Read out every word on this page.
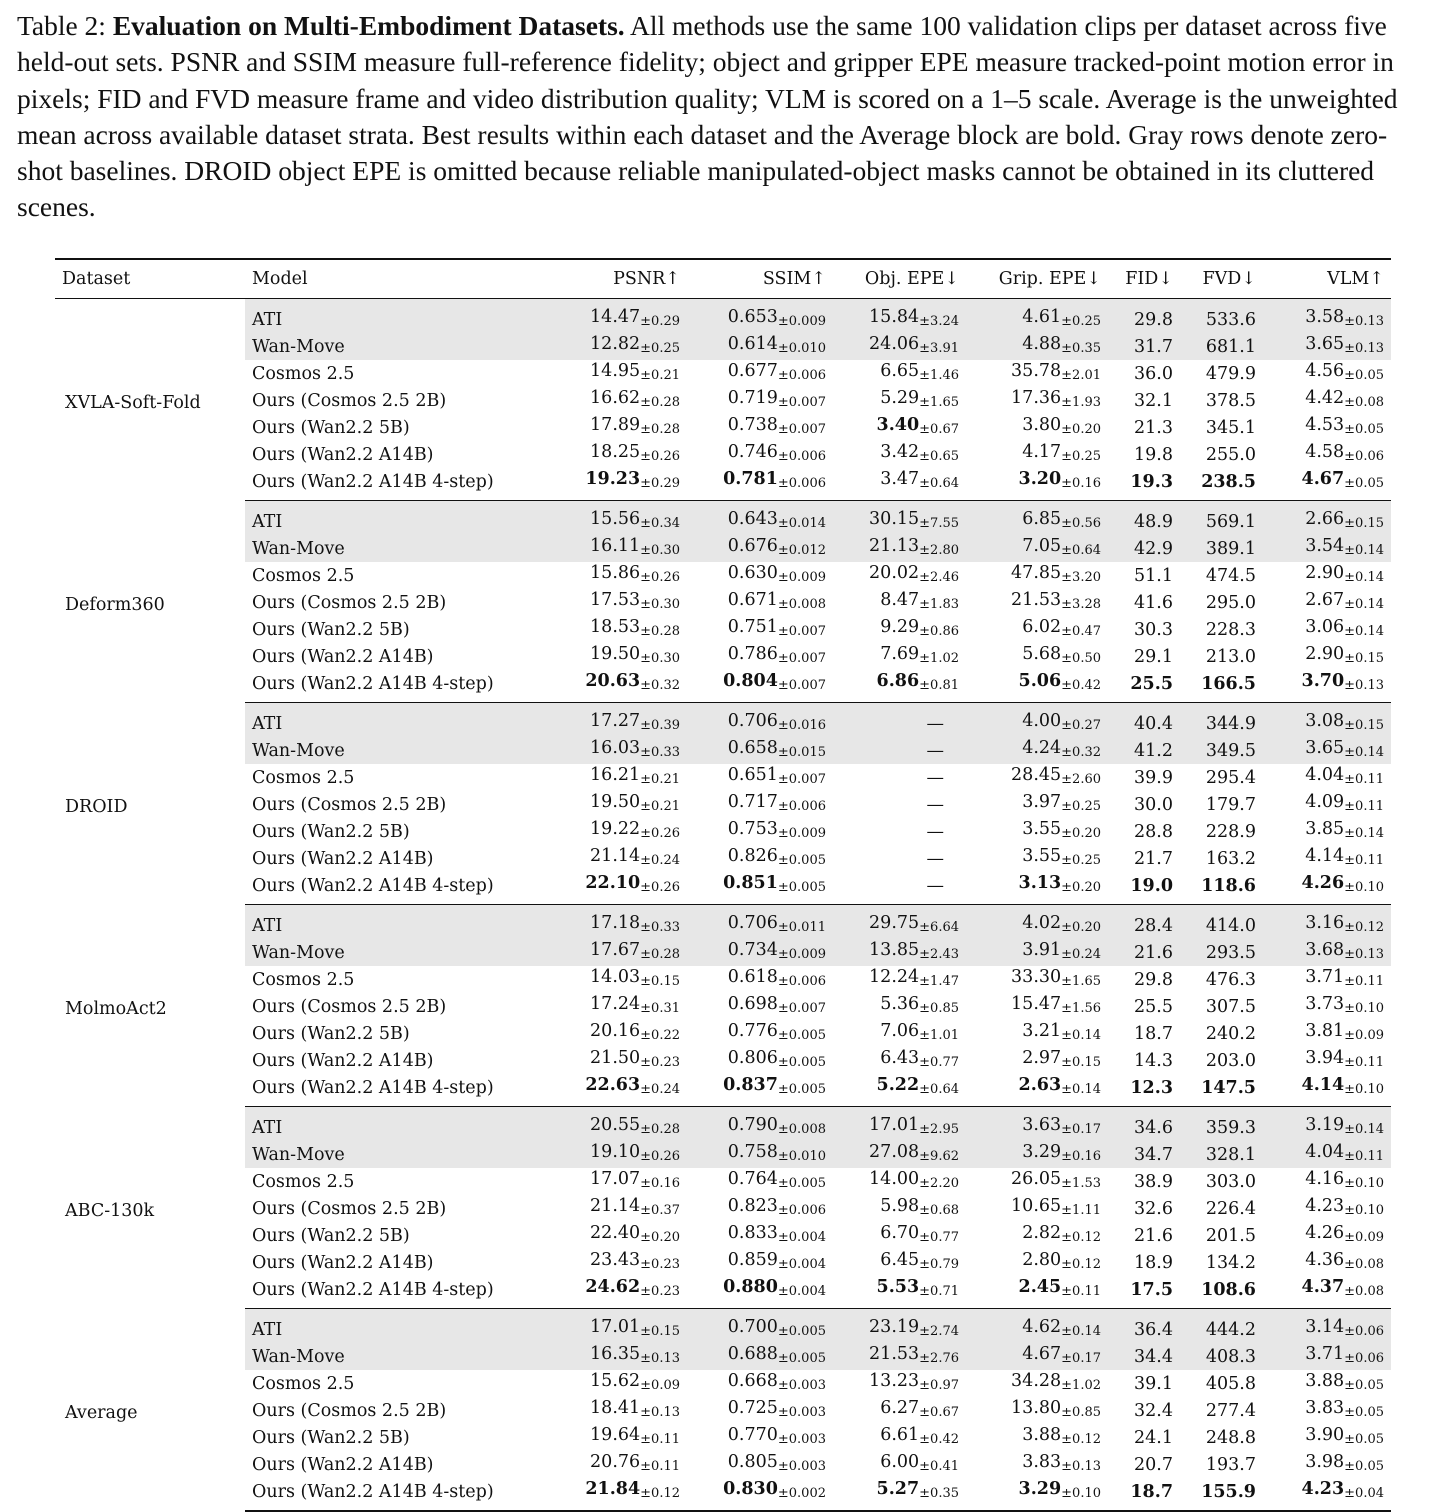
Table 2: Evaluation on Multi-Embodiment Datasets. All methods use the same 100 validation clips per dataset across five held-out sets. PSNR and SSIM measure full-reference fidelity; object and gripper EPE measure tracked-point motion error in pixels; FID and FVD measure frame and video distribution quality; VLM is scored on a 1–5 scale. Average is the unweighted mean across available dataset strata. Best results within each dataset and the Average block are bold. Gray rows denote zero-shot baselines. DROID object EPE is omitted because reliable manipulated-object masks cannot be obtained in its cluttered scenes.

Dataset	Model	PSNR↑	SSIM↑	Obj. EPE↓	Grip. EPE↓	FID↓	FVD↓	VLM↑
XVLA-Soft-Fold	ATI	$14.47_{\pm 0.29}$	$0.653_{\pm 0.009}$	$15.84_{\pm 3.24}$	$4.61_{\pm 0.25}$	29.8	533.6	$3.58_{\pm 0.13}$
	Wan-Move	$12.82_{\pm 0.25}$	$0.614_{\pm 0.010}$	$24.06_{\pm 3.91}$	$4.88_{\pm 0.35}$	31.7	681.1	$3.65_{\pm 0.13}$
	Cosmos 2.5	$14.95_{\pm 0.21}$	$0.677_{\pm 0.006}$	$6.65_{\pm 1.46}$	$35.78_{\pm 2.01}$	36.0	479.9	$4.56_{\pm 0.05}$
	Ours (Cosmos 2.5 2B)	$16.62_{\pm 0.28}$	$0.719_{\pm 0.007}$	$5.29_{\pm 1.65}$	$17.36_{\pm 1.93}$	32.1	378.5	$4.42_{\pm 0.08}$
	Ours (Wan2.2 5B)	$17.89_{\pm 0.28}$	$0.738_{\pm 0.007}$	$3.40_{\pm 0.67}$	$3.80_{\pm 0.20}$	21.3	345.1	$4.53_{\pm 0.05}$
	Ours (Wan2.2 A14B)	$18.25_{\pm 0.26}$	$0.746_{\pm 0.006}$	$3.42_{\pm 0.65}$	$4.17_{\pm 0.25}$	19.8	255.0	$4.58_{\pm 0.06}$
	Ours (Wan2.2 A14B 4-step)	$19.23_{\pm 0.29}$	$0.781_{\pm 0.006}$	$3.47_{\pm 0.64}$	$3.20_{\pm 0.16}$	19.3	238.5	$4.67_{\pm 0.05}$
Deform360	ATI	$15.56_{\pm 0.34}$	$0.643_{\pm 0.014}$	$30.15_{\pm 7.55}$	$6.85_{\pm 0.56}$	48.9	569.1	$2.66_{\pm 0.15}$
	Wan-Move	$16.11_{\pm 0.30}$	$0.676_{\pm 0.012}$	$21.13_{\pm 2.80}$	$7.05_{\pm 0.64}$	42.9	389.1	$3.54_{\pm 0.14}$
	Cosmos 2.5	$15.86_{\pm 0.26}$	$0.630_{\pm 0.009}$	$20.02_{\pm 2.46}$	$47.85_{\pm 3.20}$	51.1	474.5	$2.90_{\pm 0.14}$
	Ours (Cosmos 2.5 2B)	$17.53_{\pm 0.30}$	$0.671_{\pm 0.008}$	$8.47_{\pm 1.83}$	$21.53_{\pm 3.28}$	41.6	295.0	$2.67_{\pm 0.14}$
	Ours (Wan2.2 5B)	$18.53_{\pm 0.28}$	$0.751_{\pm 0.007}$	$9.29_{\pm 0.86}$	$6.02_{\pm 0.47}$	30.3	228.3	$3.06_{\pm 0.14}$
	Ours (Wan2.2 A14B)	$19.50_{\pm 0.30}$	$0.786_{\pm 0.007}$	$7.69_{\pm 1.02}$	$5.68_{\pm 0.50}$	29.1	213.0	$2.90_{\pm 0.15}$
	Ours (Wan2.2 A14B 4-step)	$20.63_{\pm 0.32}$	$0.804_{\pm 0.007}$	$6.86_{\pm 0.81}$	$5.06_{\pm 0.42}$	25.5	166.5	$3.70_{\pm 0.13}$
DROID	ATI	$17.27_{\pm 0.39}$	$0.706_{\pm 0.016}$	—	$4.00_{\pm 0.27}$	40.4	344.9	$3.08_{\pm 0.15}$
	Wan-Move	$16.03_{\pm 0.33}$	$0.658_{\pm 0.015}$	—	$4.24_{\pm 0.32}$	41.2	349.5	$3.65_{\pm 0.14}$
	Cosmos 2.5	$16.21_{\pm 0.21}$	$0.651_{\pm 0.007}$	—	$28.45_{\pm 2.60}$	39.9	295.4	$4.04_{\pm 0.11}$
	Ours (Cosmos 2.5 2B)	$19.50_{\pm 0.21}$	$0.717_{\pm 0.006}$	—	$3.97_{\pm 0.25}$	30.0	179.7	$4.09_{\pm 0.11}$
	Ours (Wan2.2 5B)	$19.22_{\pm 0.26}$	$0.753_{\pm 0.009}$	—	$3.55_{\pm 0.20}$	28.8	228.9	$3.85_{\pm 0.14}$
	Ours (Wan2.2 A14B)	$21.14_{\pm 0.24}$	$0.826_{\pm 0.005}$	—	$3.55_{\pm 0.25}$	21.7	163.2	$4.14_{\pm 0.11}$
	Ours (Wan2.2 A14B 4-step)	$22.10_{\pm 0.26}$	$0.851_{\pm 0.005}$	—	$3.13_{\pm 0.20}$	19.0	118.6	$4.26_{\pm 0.10}$
MolmoAct2	ATI	$17.18_{\pm 0.33}$	$0.706_{\pm 0.011}$	$29.75_{\pm 6.64}$	$4.02_{\pm 0.20}$	28.4	414.0	$3.16_{\pm 0.12}$
	Wan-Move	$17.67_{\pm 0.28}$	$0.734_{\pm 0.009}$	$13.85_{\pm 2.43}$	$3.91_{\pm 0.24}$	21.6	293.5	$3.68_{\pm 0.13}$
	Cosmos 2.5	$14.03_{\pm 0.15}$	$0.618_{\pm 0.006}$	$12.24_{\pm 1.47}$	$33.30_{\pm 1.65}$	29.8	476.3	$3.71_{\pm 0.11}$
	Ours (Cosmos 2.5 2B)	$17.24_{\pm 0.31}$	$0.698_{\pm 0.007}$	$5.36_{\pm 0.85}$	$15.47_{\pm 1.56}$	25.5	307.5	$3.73_{\pm 0.10}$
	Ours (Wan2.2 5B)	$20.16_{\pm 0.22}$	$0.776_{\pm 0.005}$	$7.06_{\pm 1.01}$	$3.21_{\pm 0.14}$	18.7	240.2	$3.81_{\pm 0.09}$
	Ours (Wan2.2 A14B)	$21.50_{\pm 0.23}$	$0.806_{\pm 0.005}$	$6.43_{\pm 0.77}$	$2.97_{\pm 0.15}$	14.3	203.0	$3.94_{\pm 0.11}$
	Ours (Wan2.2 A14B 4-step)	$22.63_{\pm 0.24}$	$0.837_{\pm 0.005}$	$5.22_{\pm 0.64}$	$2.63_{\pm 0.14}$	12.3	147.5	$4.14_{\pm 0.10}$
ABC-130k	ATI	$20.55_{\pm 0.28}$	$0.790_{\pm 0.008}$	$17.01_{\pm 2.95}$	$3.63_{\pm 0.17}$	34.6	359.3	$3.19_{\pm 0.14}$
	Wan-Move	$19.10_{\pm 0.26}$	$0.758_{\pm 0.010}$	$27.08_{\pm 9.62}$	$3.29_{\pm 0.16}$	34.7	328.1	$4.04_{\pm 0.11}$
	Cosmos 2.5	$17.07_{\pm 0.16}$	$0.764_{\pm 0.005}$	$14.00_{\pm 2.20}$	$26.05_{\pm 1.53}$	38.9	303.0	$4.16_{\pm 0.10}$
	Ours (Cosmos 2.5 2B)	$21.14_{\pm 0.37}$	$0.823_{\pm 0.006}$	$5.98_{\pm 0.68}$	$10.65_{\pm 1.11}$	32.6	226.4	$4.23_{\pm 0.10}$
	Ours (Wan2.2 5B)	$22.40_{\pm 0.20}$	$0.833_{\pm 0.004}$	$6.70_{\pm 0.77}$	$2.82_{\pm 0.12}$	21.6	201.5	$4.26_{\pm 0.09}$
	Ours (Wan2.2 A14B)	$23.43_{\pm 0.23}$	$0.859_{\pm 0.004}$	$6.45_{\pm 0.79}$	$2.80_{\pm 0.12}$	18.9	134.2	$4.36_{\pm 0.08}$
	Ours (Wan2.2 A14B 4-step)	$24.62_{\pm 0.23}$	$0.880_{\pm 0.004}$	$5.53_{\pm 0.71}$	$2.45_{\pm 0.11}$	17.5	108.6	$4.37_{\pm 0.08}$
Average	ATI	$17.01_{\pm 0.15}$	$0.700_{\pm 0.005}$	$23.19_{\pm 2.74}$	$4.62_{\pm 0.14}$	36.4	444.2	$3.14_{\pm 0.06}$
	Wan-Move	$16.35_{\pm 0.13}$	$0.688_{\pm 0.005}$	$21.53_{\pm 2.76}$	$4.67_{\pm 0.17}$	34.4	408.3	$3.71_{\pm 0.06}$
	Cosmos 2.5	$15.62_{\pm 0.09}$	$0.668_{\pm 0.003}$	$13.23_{\pm 0.97}$	$34.28_{\pm 1.02}$	39.1	405.8	$3.88_{\pm 0.05}$
	Ours (Cosmos 2.5 2B)	$18.41_{\pm 0.13}$	$0.725_{\pm 0.003}$	$6.27_{\pm 0.67}$	$13.80_{\pm 0.85}$	32.4	277.4	$3.83_{\pm 0.05}$
	Ours (Wan2.2 5B)	$19.64_{\pm 0.11}$	$0.770_{\pm 0.003}$	$6.61_{\pm 0.42}$	$3.88_{\pm 0.12}$	24.1	248.8	$3.90_{\pm 0.05}$
	Ours (Wan2.2 A14B)	$20.76_{\pm 0.11}$	$0.805_{\pm 0.003}$	$6.00_{\pm 0.41}$	$3.83_{\pm 0.13}$	20.7	193.7	$3.98_{\pm 0.05}$
	Ours (Wan2.2 A14B 4-step)	$21.84_{\pm 0.12}$	$0.830_{\pm 0.002}$	$5.27_{\pm 0.35}$	$3.29_{\pm 0.10}$	18.7	155.9	$4.23_{\pm 0.04}$
